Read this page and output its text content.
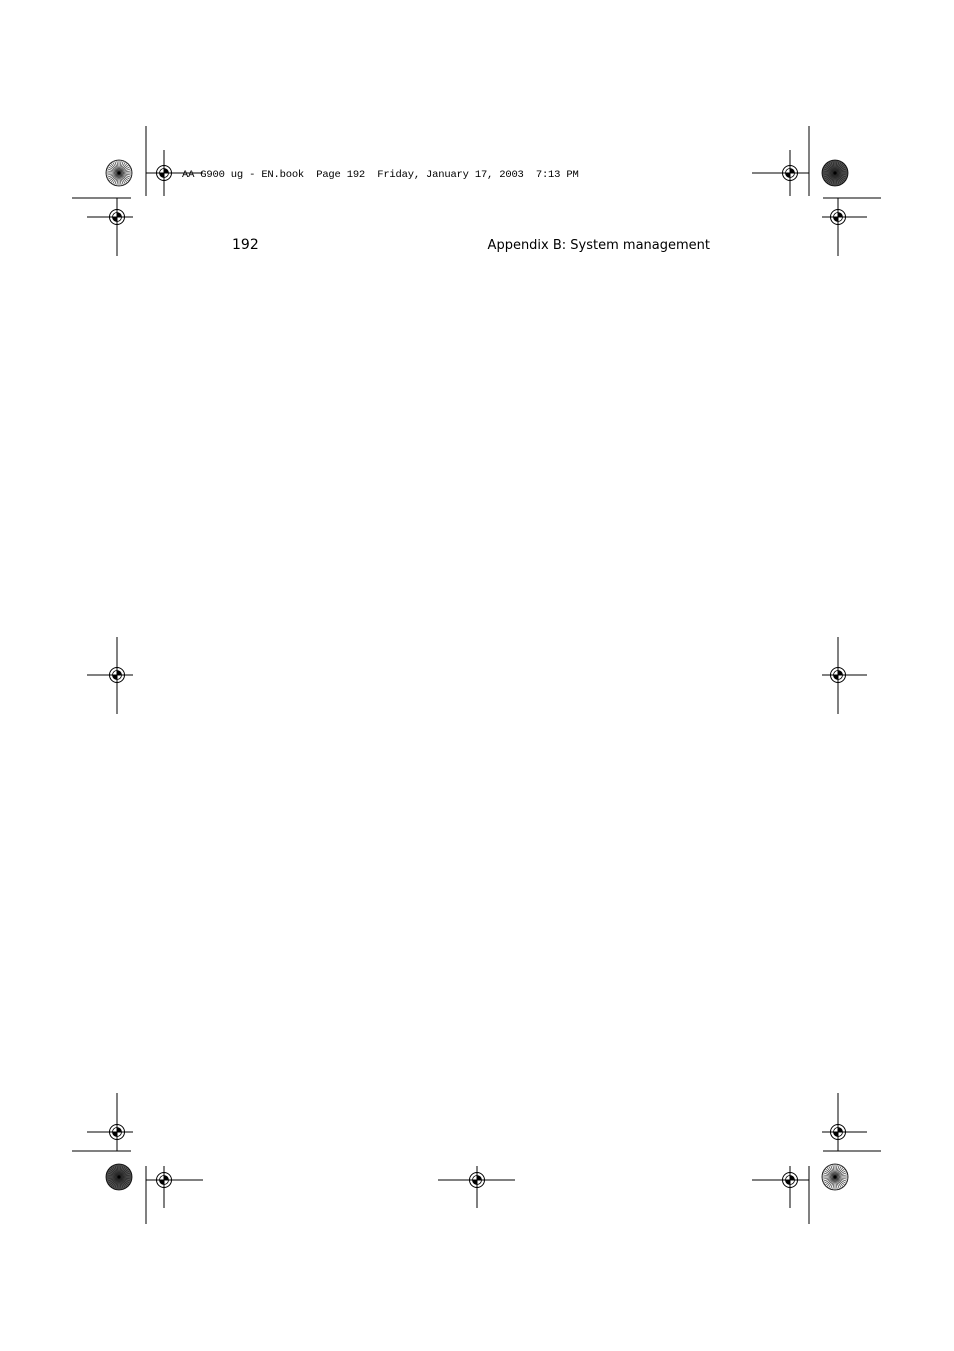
AA G900 ug - EN.book  Page 192  Friday, January 17, 2003  7:13 PM
192	Appendix B: System management
